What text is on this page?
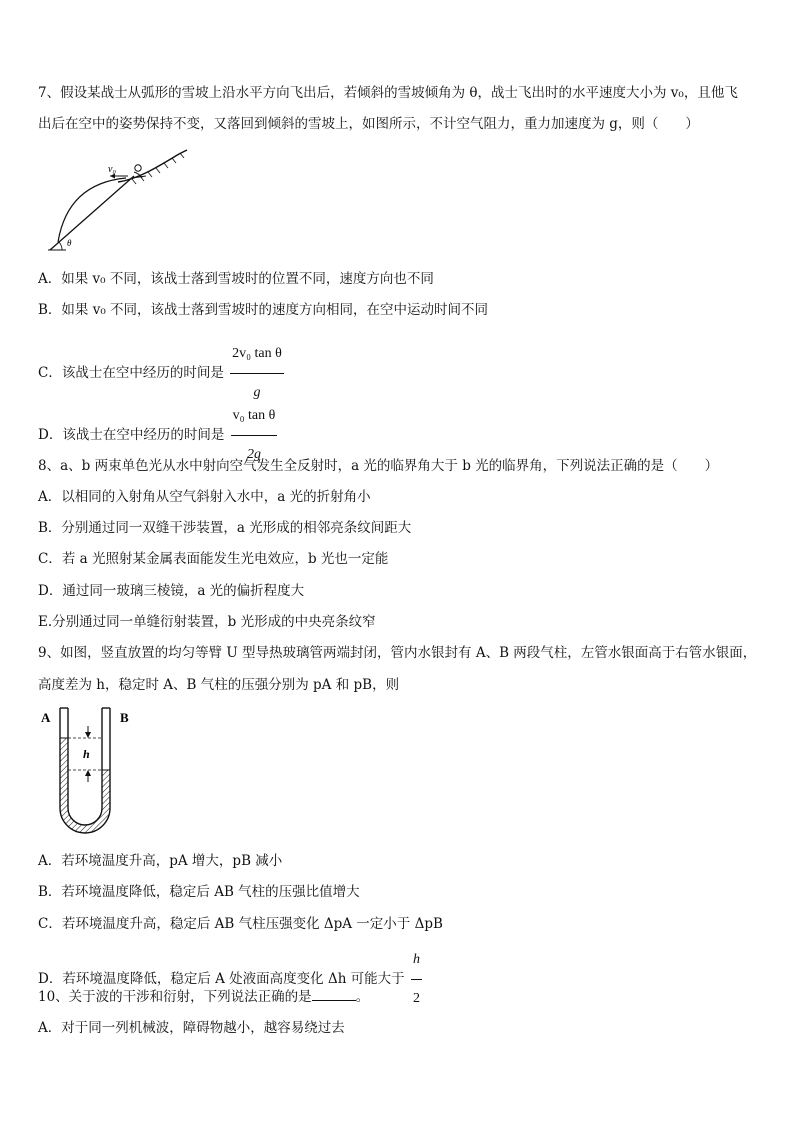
7、假设某战士从弧形的雪坡上沿水平方向飞出后，若倾斜的雪坡倾角为 θ，战士飞出时的水平速度大小为 v₀，且他飞
出后在空中的姿势保持不变，又落回到倾斜的雪坡上，如图所示，不计空气阻力，重力加速度为 g，则（　　）
v₀
θ
A．如果 v₀ 不同，该战士落到雪坡时的位置不同，速度方向也不同
B．如果 v₀ 不同，该战士落到雪坡时的速度方向相同，在空中运动时间不同
C．该战士在空中经历的时间是 $\frac{\text{2v₀ tan θ}}{g}$
D．该战士在空中经历的时间是 $\frac{\text{v₀ tan θ}}{2g}$
8、a、b 两束单色光从水中射向空气发生全反射时，a 光的临界角大于 b 光的临界角，下列说法正确的是（　　）
A．以相同的入射角从空气斜射入水中，a 光的折射角小
B．分别通过同一双缝干涉装置，a 光形成的相邻亮条纹间距大
C．若 a 光照射某金属表面能发生光电效应，b 光也一定能
D．通过同一玻璃三棱镜，a 光的偏折程度大
E.分别通过同一单缝衍射装置，b 光形成的中央亮条纹窄
9、如图，竖直放置的均匀等臂 U 型导热玻璃管两端封闭，管内水银封有 A、B 两段气柱，左管水银面高于右管水银面，
高度差为 h，稳定时 A、B 气柱的压强分别为 pA 和 pB，则
h
A	B
A．若环境温度升高，pA 增大，pB 减小
B．若环境温度降低，稳定后 AB 气柱的压强比值增大
C．若环境温度升高，稳定后 AB 气柱压强变化 ΔpA 一定小于 ΔpB
D．若环境温度降低，稳定后 A 处液面高度变化 Δh 可能大于 $\frac{h}{2}$
10、关于波的干涉和衍射，下列说法正确的是	。
A．对于同一列机械波，障碍物越小，越容易绕过去
